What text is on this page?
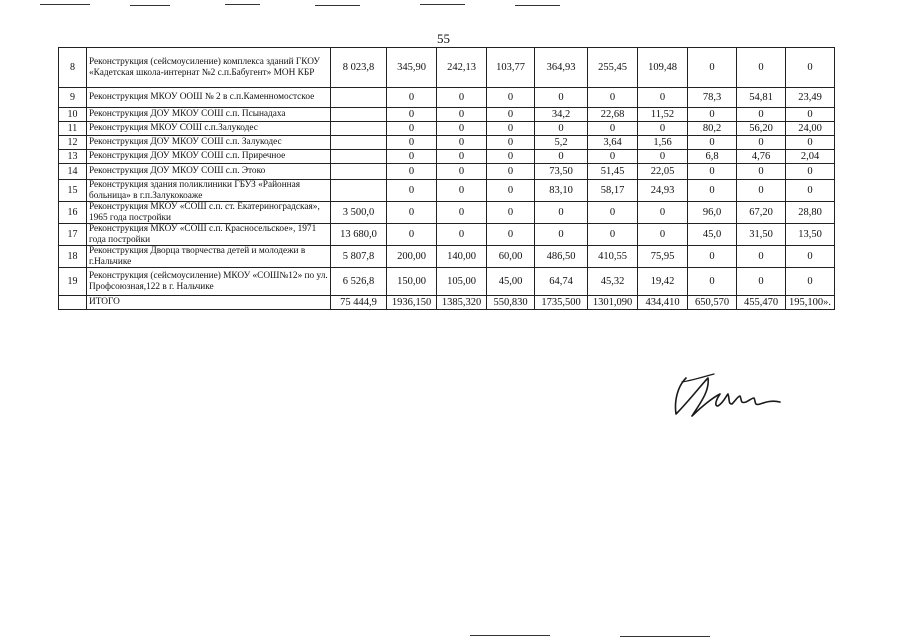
55
8	Реконструкция (сейсмоусиление) комплекса зданий ГКОУ «Кадетская школа-интернат №2 с.п.Бабугент» МОН КБР	8 023,8	345,90	242,13	103,77	364,93	255,45	109,48	0	0	0
9	Реконструкция МКОУ ООШ № 2 в с.п.Каменномостское		0	0	0	0	0	0	78,3	54,81	23,49
10	Реконструкция ДОУ МКОУ СОШ с.п. Псынадаха		0	0	0	34,2	22,68	11,52	0	0	0
11	Реконструкция МКОУ СОШ с.п.Залукодес		0	0	0	0	0	0	80,2	56,20	24,00
12	Реконструкция ДОУ МКОУ СОШ с.п. Залукодес		0	0	0	5,2	3,64	1,56	0	0	0
13	Реконструкция ДОУ МКОУ СОШ с.п. Приречное		0	0	0	0	0	0	6,8	4,76	2,04
14	Реконструкция ДОУ МКОУ СОШ с.п. Этоко		0	0	0	73,50	51,45	22,05	0	0	0
15	Реконструкция здания поликлиники ГБУЗ «Районная больница» в г.п.Залукокоаже		0	0	0	83,10	58,17	24,93	0	0	0
16	Реконструкция МКОУ «СОШ с.п. ст. Екатериноградская», 1965 года постройки	3 500,0	0	0	0	0	0	0	96,0	67,20	28,80
17	Реконструкция МКОУ «СОШ с.п. Красносельское», 1971 года постройки	13 680,0	0	0	0	0	0	0	45,0	31,50	13,50
18	Реконструкция Дворца творчества детей и молодежи в г.Нальчике	5 807,8	200,00	140,00	60,00	486,50	410,55	75,95	0	0	0
19	Реконструкция (сейсмоусиление) МКОУ «СОШ№12» по ул. Профсоюзная,122 в г. Нальчике	6 526,8	150,00	105,00	45,00	64,74	45,32	19,42	0	0	0
	ИТОГО	75 444,9	1936,150	1385,320	550,830	1735,500	1301,090	434,410	650,570	455,470	195,100».
